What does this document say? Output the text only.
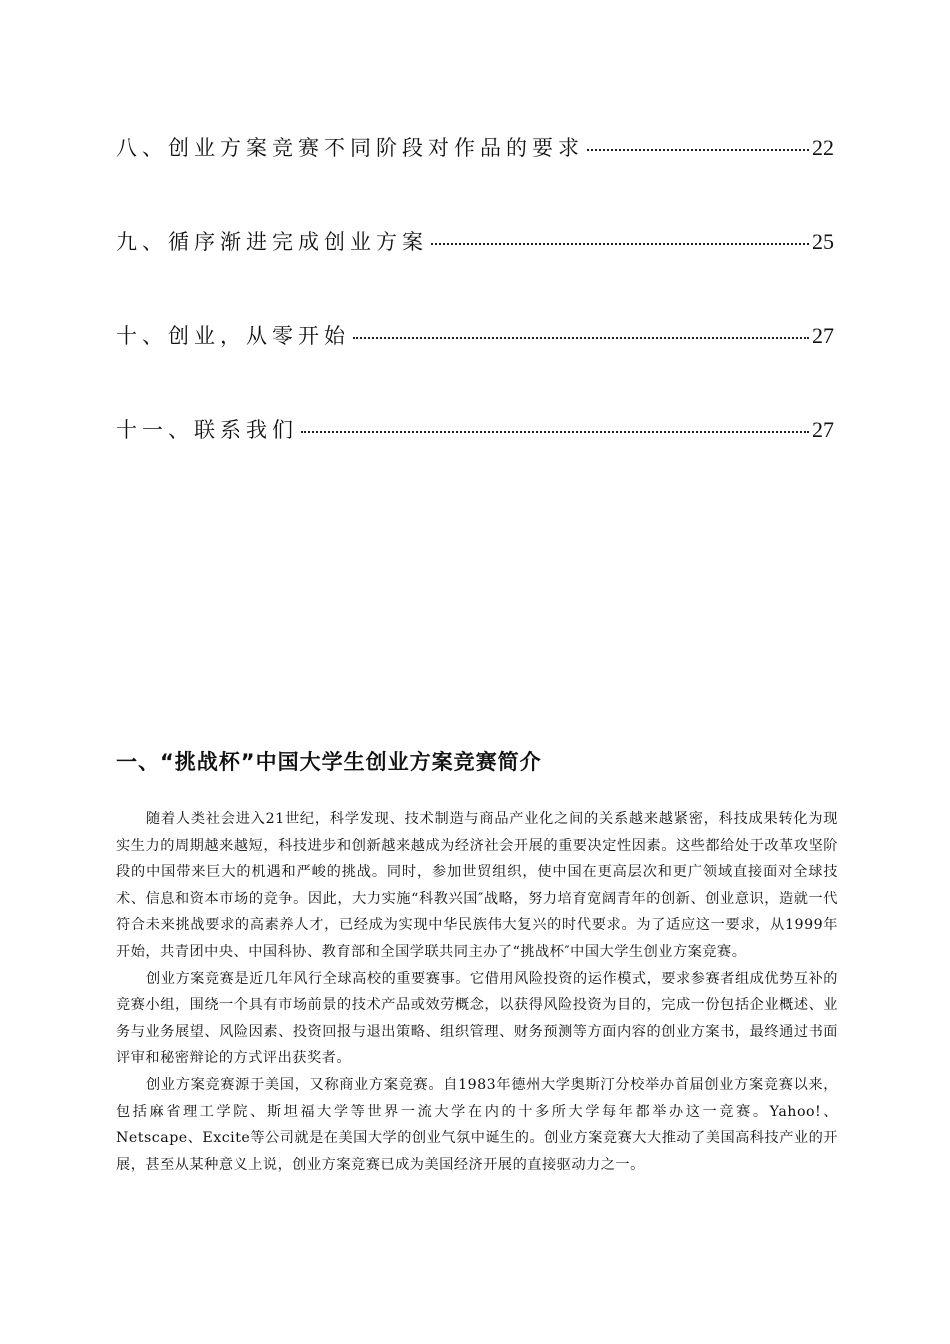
八、创业方案竞赛不同阶段对作品的要求	22
九、循序渐进完成创业方案	25
十、创业，从零开始	27
十一、联系我们	27
一、“挑战杯”中国大学生创业方案竞赛简介

随着人类社会进入21世纪，科学发现、技术制造与商品产业化之间的关系越来越紧密，科技成果转化为现实生力的周期越来越短，科技进步和创新越来越成为经济社会开展的重要决定性因素。这些都给处于改革攻坚阶段的中国带来巨大的机遇和严峻的挑战。同时，参加世贸组织，使中国在更高层次和更广领域直接面对全球技术、信息和资本市场的竞争。因此，大力实施“科教兴国″战略，努力培育宽阔青年的创新、创业意识，造就一代符合未来挑战要求的高素养人才，已经成为实现中华民族伟大复兴的时代要求。为了适应这一要求，从1999年开始，共青团中央、中国科协、教育部和全国学联共同主办了“挑战杯″中国大学生创业方案竞赛。

创业方案竞赛是近几年风行全球高校的重要赛事。它借用风险投资的运作模式，要求参赛者组成优势互补的竞赛小组，围绕一个具有市场前景的技术产品或效劳概念，以获得风险投资为目的，完成一份包括企业概述、业务与业务展望、风险因素、投资回报与退出策略、组织管理、财务预测等方面内容的创业方案书，最终通过书面评审和秘密辩论的方式评出获奖者。

创业方案竞赛源于美国，又称商业方案竞赛。自1983年德州大学奥斯汀分校举办首届创业方案竞赛以来，包括麻省理工学院、斯坦福大学等世界一流大学在内的十多所大学每年都举办这一竞赛。Yahoo!、Netscape、Excite等公司就是在美国大学的创业气氛中诞生的。创业方案竞赛大大推动了美国高科技产业的开展，甚至从某种意义上说，创业方案竞赛已成为美国经济开展的直接驱动力之一。
